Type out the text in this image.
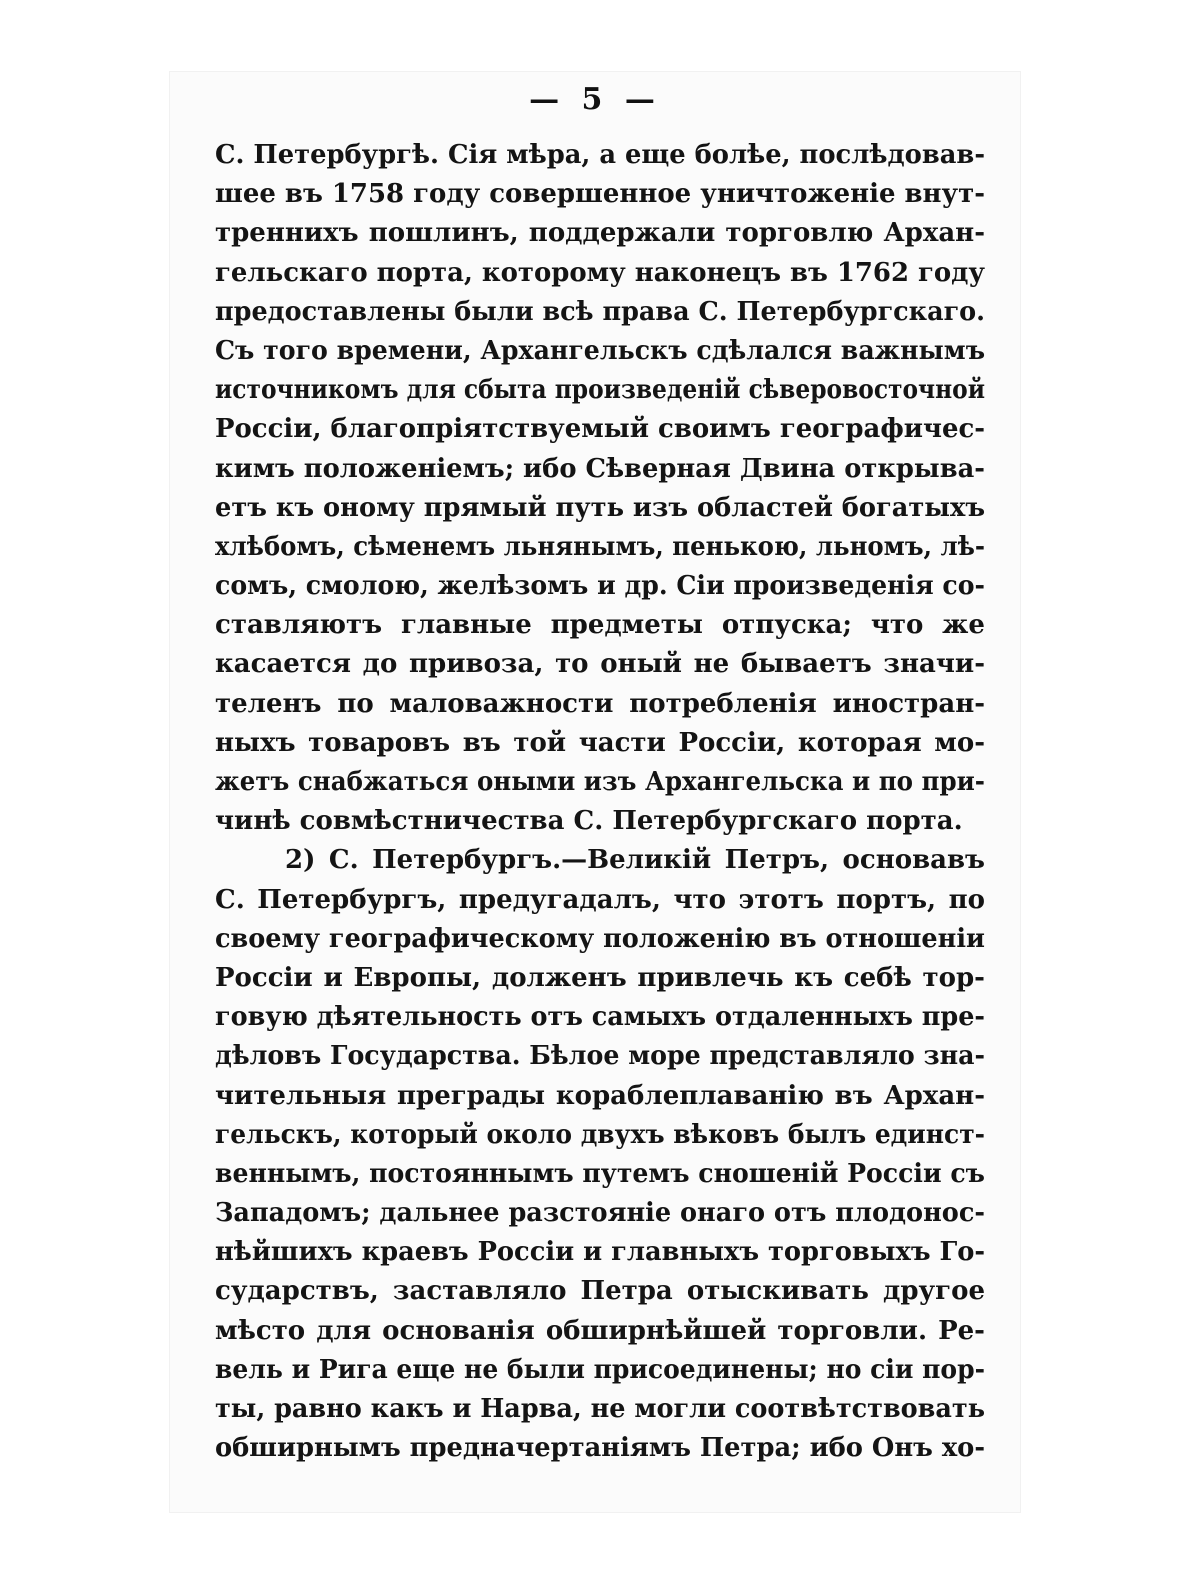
— 5 —
С. Петербургѣ. Сія мѣра, а еще болѣе, послѣдовав-
шее въ 1758 году совершенное уничтоженіе внут-
треннихъ пошлинъ, поддержали торговлю Архан-
гельскаго порта, которому наконецъ въ 1762 году
предоставлены были всѣ права С. Петербургскаго.
Съ того времени, Архангельскъ сдѣлался важнымъ
источникомъ для сбыта произведеній сѣверовосточной
Россіи, благопріятствуемый своимъ географичес-
кимъ положеніемъ; ибо Сѣверная Двина открыва-
етъ къ оному прямый путь изъ областей богатыхъ
хлѣбомъ, сѣменемъ льнянымъ, пенькою, льномъ, лѣ-
сомъ, смолою, желѣзомъ и др. Сіи произведенія со-
ставляютъ главные предметы отпуска; что же
касается до привоза, то оный не бываетъ значи-
теленъ по маловажности потребленія иностран-
ныхъ товаровъ въ той части Россіи, которая мо-
жетъ снабжаться оными изъ Архангельска и по при-
чинѣ совмѣстничества С. Петербургскаго порта.
2) С. Петербургъ.—Великій Петръ, основавъ
С. Петербургъ, предугадалъ, что этотъ портъ, по
своему географическому положенію въ отношеніи
Россіи и Европы, долженъ привлечь къ себѣ тор-
говую дѣятельность отъ самыхъ отдаленныхъ пре-
дѣловъ Государства. Бѣлое море представляло зна-
чительныя преграды кораблеплаванію въ Архан-
гельскъ, который около двухъ вѣковъ былъ единст-
веннымъ, постояннымъ путемъ сношеній Россіи съ
Западомъ; дальнее разстояніе онаго отъ плодонос-
нѣйшихъ краевъ Россіи и главныхъ торговыхъ Го-
сударствъ, заставляло Петра отыскивать другое
мѣсто для основанія обширнѣйшей торговли. Ре-
вель и Рига еще не были присоединены; но сіи пор-
ты, равно какъ и Нарва, не могли соотвѣтствовать
обширнымъ предначертаніямъ Петра; ибо Онъ хо-
